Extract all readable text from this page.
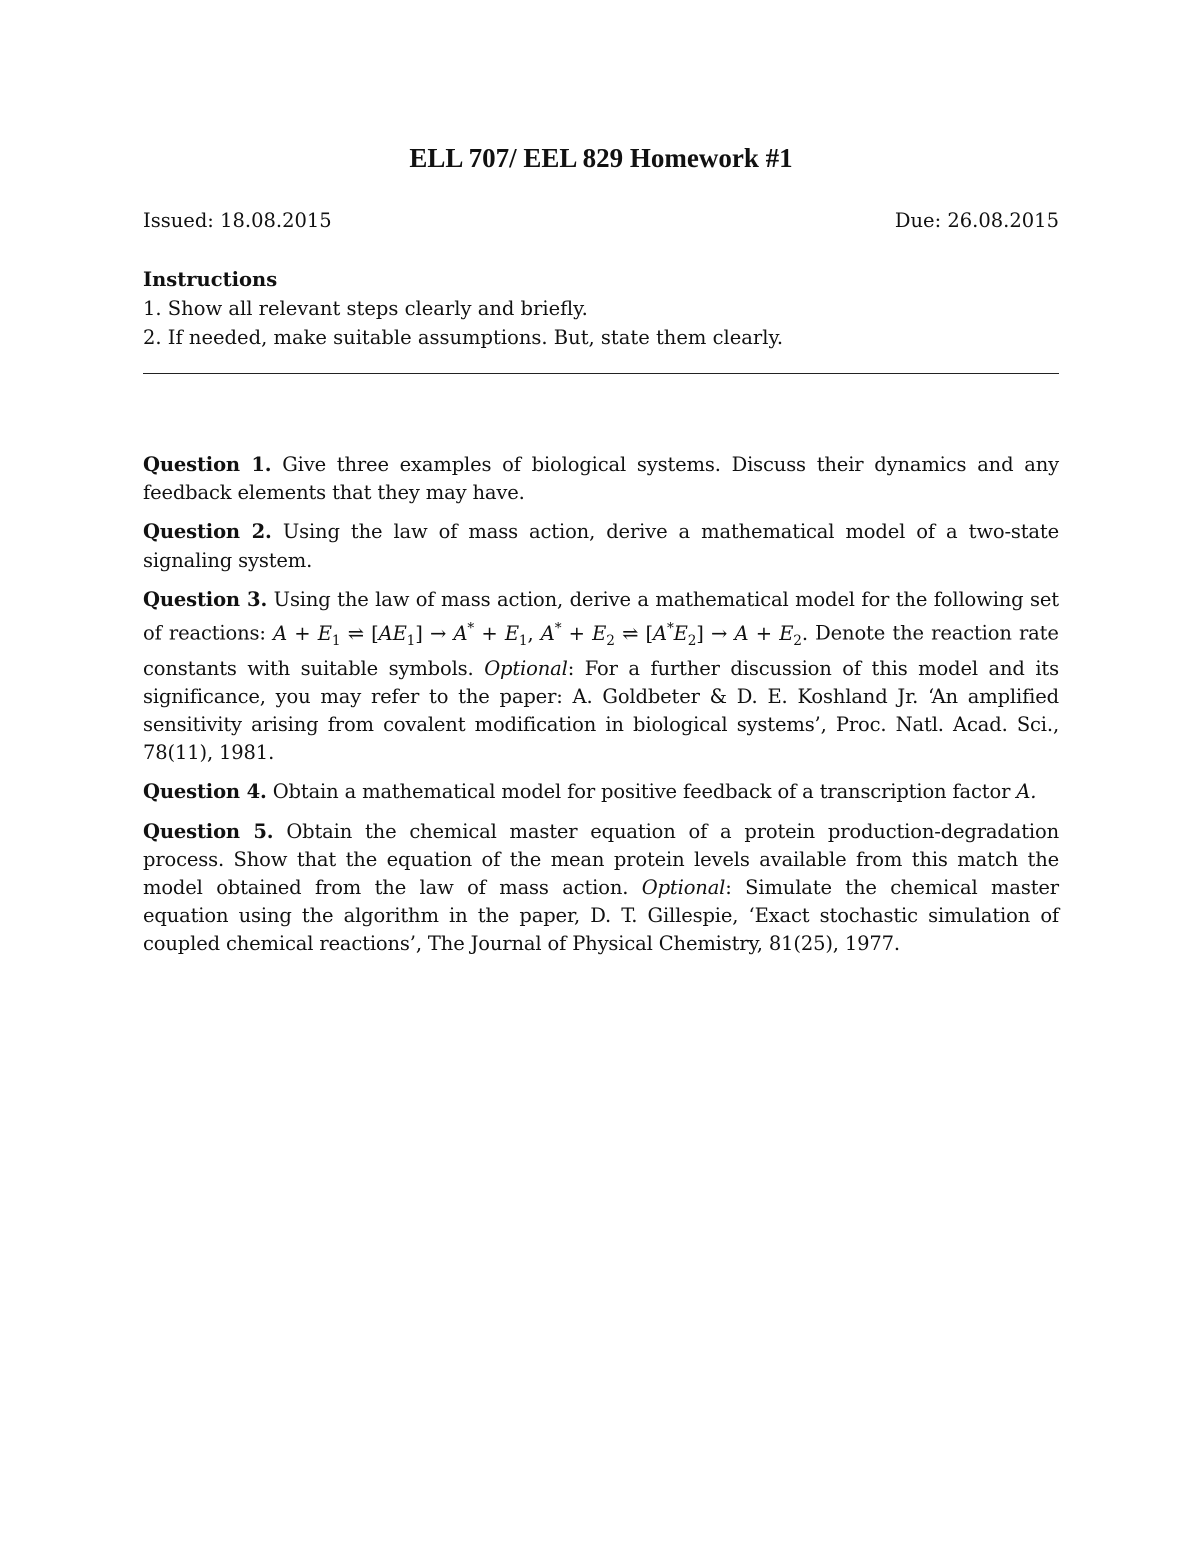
ELL 707/ EEL 829 Homework #1
Issued: 18.08.2015	Due: 26.08.2015
Instructions
1. Show all relevant steps clearly and briefly.
2. If needed, make suitable assumptions. But, state them clearly.

Question 1. Give three examples of biological systems. Discuss their dynamics and any feedback elements that they may have.

Question 2. Using the law of mass action, derive a mathematical model of a two-state signaling system.

Question 3. Using the law of mass action, derive a mathematical model for the following set of reactions: $A + E_1$ ⇌ $[AE_1] \to A^* + E_1$, $A^* + E_2$ ⇌ $[A^*E_2] \to A + E_2$. Denote the reaction rate constants with suitable symbols. Optional: For a further discussion of this model and its significance, you may refer to the paper: A. Goldbeter & D. E. Koshland Jr. ‘An amplified sensitivity arising from covalent modification in biological systems’, Proc. Natl. Acad. Sci., 78(11), 1981.

Question 4. Obtain a mathematical model for positive feedback of a transcription factor A.

Question 5. Obtain the chemical master equation of a protein production-degradation process. Show that the equation of the mean protein levels available from this match the model obtained from the law of mass action. Optional: Simulate the chemical master equation using the algorithm in the paper, D. T. Gillespie, ‘Exact stochastic simulation of coupled chemical reactions’, The Journal of Physical Chemistry, 81(25), 1977.
